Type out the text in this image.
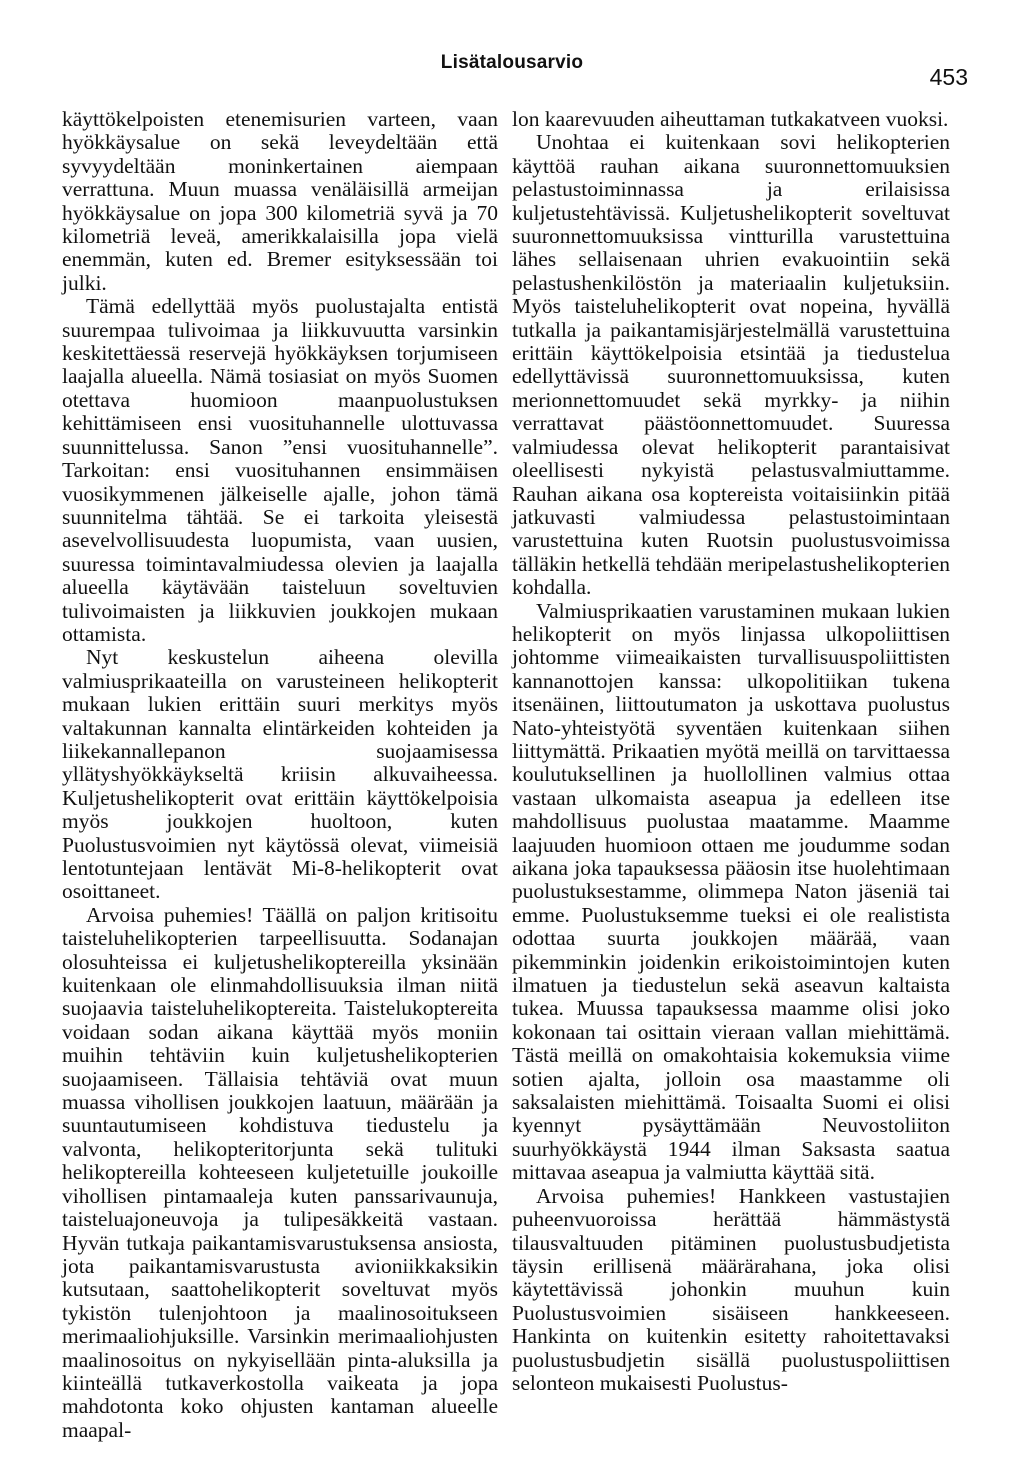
Lisätalousarvio
453

käyttökelpoisten etenemisurien varteen, vaan hyökkäysalue on sekä leveydeltään että syvyydeltään moninkertainen aiempaan verrattuna. Muun muassa venäläisillä armeijan hyökkäysalue on jopa 300 kilometriä syvä ja 70 kilometriä leveä, amerikkalaisilla jopa vielä enemmän, kuten ed. Bremer esityksessään toi julki.

Tämä edellyttää myös puolustajalta entistä suurempaa tulivoimaa ja liikkuvuutta varsinkin keskitettäessä reservejä hyökkäyksen torjumiseen laajalla alueella. Nämä tosiasiat on myös Suomen otettava huomioon maanpuolustuksen kehittämiseen ensi vuosituhannelle ulottuvassa suunnittelussa. Sanon ”ensi vuosituhannelle”. Tarkoitan: ensi vuosituhannen ensimmäisen vuosikymmenen jälkeiselle ajalle, johon tämä suunnitelma tähtää. Se ei tarkoita yleisestä asevelvollisuudesta luopumista, vaan uusien, suuressa toimintavalmiudessa olevien ja laajalla alueella käytävään taisteluun soveltuvien tulivoimaisten ja liikkuvien joukkojen mukaan ottamista.

Nyt keskustelun aiheena olevilla valmiusprikaateilla on varusteineen helikopterit mukaan lukien erittäin suuri merkitys myös valtakunnan kannalta elintärkeiden kohteiden ja liikekannallepanon suojaamisessa yllätyshyökkäykseltä kriisin alkuvaiheessa. Kuljetushelikopterit ovat erittäin käyttökelpoisia myös joukkojen huoltoon, kuten Puolustusvoimien nyt käytössä olevat, viimeisiä lentotuntejaan lentävät Mi-8-helikopterit ovat osoittaneet.

Arvoisa puhemies! Täällä on paljon kritisoitu taisteluhelikopterien tarpeellisuutta. Sodanajan olosuhteissa ei kuljetushelikoptereilla yksinään kuitenkaan ole elinmahdollisuuksia ilman niitä suojaavia taisteluhelikoptereita. Taistelukoptereita voidaan sodan aikana käyttää myös moniin muihin tehtäviin kuin kuljetushelikopterien suojaamiseen. Tällaisia tehtäviä ovat muun muassa vihollisen joukkojen laatuun, määrään ja suuntautumiseen kohdistuva tiedustelu ja valvonta, helikopteritorjunta sekä tulituki helikoptereilla kohteeseen kuljetetuille joukoille vihollisen pintamaaleja kuten panssarivaunuja, taisteluajoneuvoja ja tulipesäkkeitä vastaan. Hyvän tutkaja paikantamisvarustuksensa ansiosta, jota paikantamisvarustusta avioniikkaksikin kutsutaan, saattohelikopterit soveltuvat myös tykistön tulenjohtoon ja maalinosoitukseen merimaaliohjuksille. Varsinkin merimaaliohjusten maalinosoitus on nykyisellään pinta-aluksilla ja kiinteällä tutkaverkostolla vaikeata ja jopa mahdotonta koko ohjusten kantaman alueelle maapal-

lon kaarevuuden aiheuttaman tutkakatveen vuoksi.

Unohtaa ei kuitenkaan sovi helikopterien käyttöä rauhan aikana suuronnettomuuksien pelastustoiminnassa ja erilaisissa kuljetustehtävissä. Kuljetushelikopterit soveltuvat suuronnettomuuksissa vintturilla varustettuina lähes sellaisenaan uhrien evakuointiin sekä pelastushenkilöstön ja materiaalin kuljetuksiin. Myös taisteluhelikopterit ovat nopeina, hyvällä tutkalla ja paikantamisjärjestelmällä varustettuina erittäin käyttökelpoisia etsintää ja tiedustelua edellyttävissä suuronnettomuuksissa, kuten merionnettomuudet sekä myrkky- ja niihin verrattavat päästöonnettomuudet. Suuressa valmiudessa olevat helikopterit parantaisivat oleellisesti nykyistä pelastusvalmiuttamme. Rauhan aikana osa koptereista voitaisiinkin pitää jatkuvasti valmiudessa pelastustoimintaan varustettuina kuten Ruotsin puolustusvoimissa tälläkin hetkellä tehdään meripelastushelikopterien kohdalla.

Valmiusprikaatien varustaminen mukaan lukien helikopterit on myös linjassa ulkopoliittisen johtomme viimeaikaisten turvallisuuspoliittisten kannanottojen kanssa: ulkopolitiikan tukena itsenäinen, liittoutumaton ja uskottava puolustus Nato-yhteistyötä syventäen kuitenkaan siihen liittymättä. Prikaatien myötä meillä on tarvittaessa koulutuksellinen ja huollollinen valmius ottaa vastaan ulkomaista aseapua ja edelleen itse mahdollisuus puolustaa maatamme. Maamme laajuuden huomioon ottaen me joudumme sodan aikana joka tapauksessa pääosin itse huolehtimaan puolustuksestamme, olimmepa Naton jäseniä tai emme. Puolustuksemme tueksi ei ole realistista odottaa suurta joukkojen määrää, vaan pikemminkin joidenkin erikoistoimintojen kuten ilmatuen ja tiedustelun sekä aseavun kaltaista tukea. Muussa tapauksessa maamme olisi joko kokonaan tai osittain vieraan vallan miehittämä. Tästä meillä on omakohtaisia kokemuksia viime sotien ajalta, jolloin osa maastamme oli saksalaisten miehittämä. Toisaalta Suomi ei olisi kyennyt pysäyttämään Neuvostoliiton suurhyökkäystä 1944 ilman Saksasta saatua mittavaa aseapua ja valmiutta käyttää sitä.

Arvoisa puhemies! Hankkeen vastustajien puheenvuoroissa herättää hämmästystä tilausvaltuuden pitäminen puolustusbudjetista täysin erillisenä määrärahana, joka olisi käytettävissä johonkin muuhun kuin Puolustusvoimien sisäiseen hankkeeseen. Hankinta on kuitenkin esitetty rahoitettavaksi puolustusbudjetin sisällä puolustuspoliittisen selonteon mukaisesti Puolustus-
